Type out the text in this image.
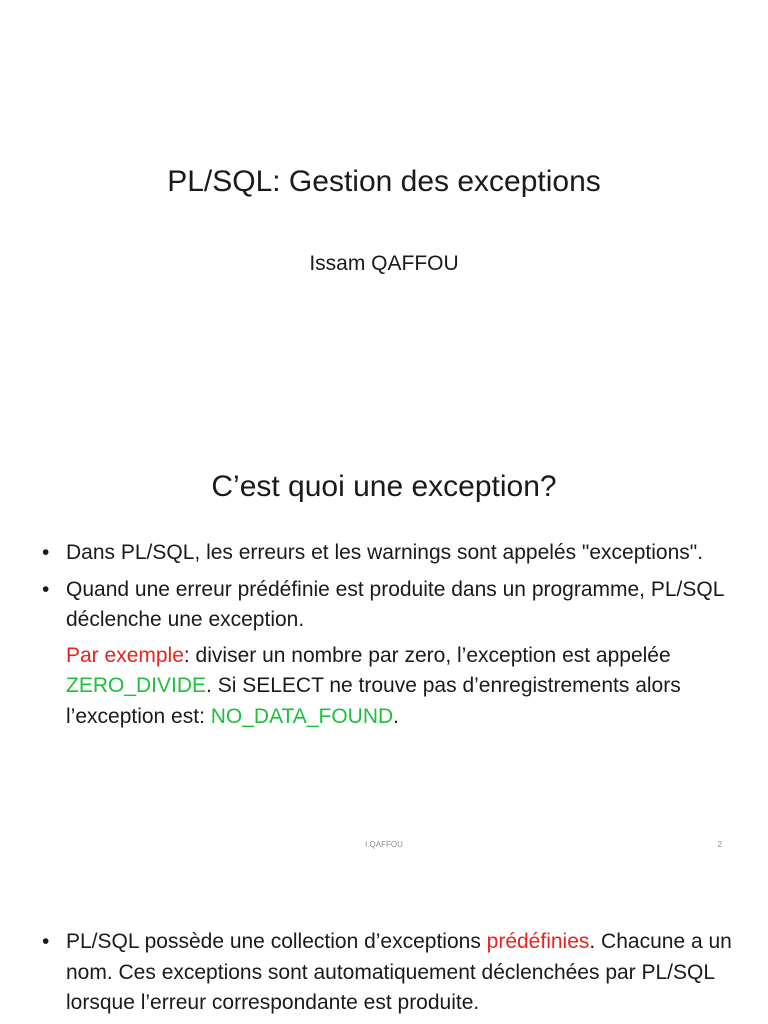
PL/SQL: Gestion des exceptions
Issam QAFFOU
C’est quoi une exception?
• Dans PL/SQL, les erreurs et les warnings sont appelés "exceptions".
• Quand une erreur prédéfinie est produite dans un programme, PL/SQL déclenche une exception.
Par exemple: diviser un nombre par zero, l’exception est appelée ZERO_DIVIDE. Si SELECT ne trouve pas d’enregistrements alors l’exception est: NO_DATA_FOUND.
I.QAFFOU	2
• PL/SQL possède une collection d’exceptions prédéfinies. Chacune a un nom. Ces exceptions sont automatiquement déclenchées par PL/SQL lorsque l’erreur correspondante est produite.
